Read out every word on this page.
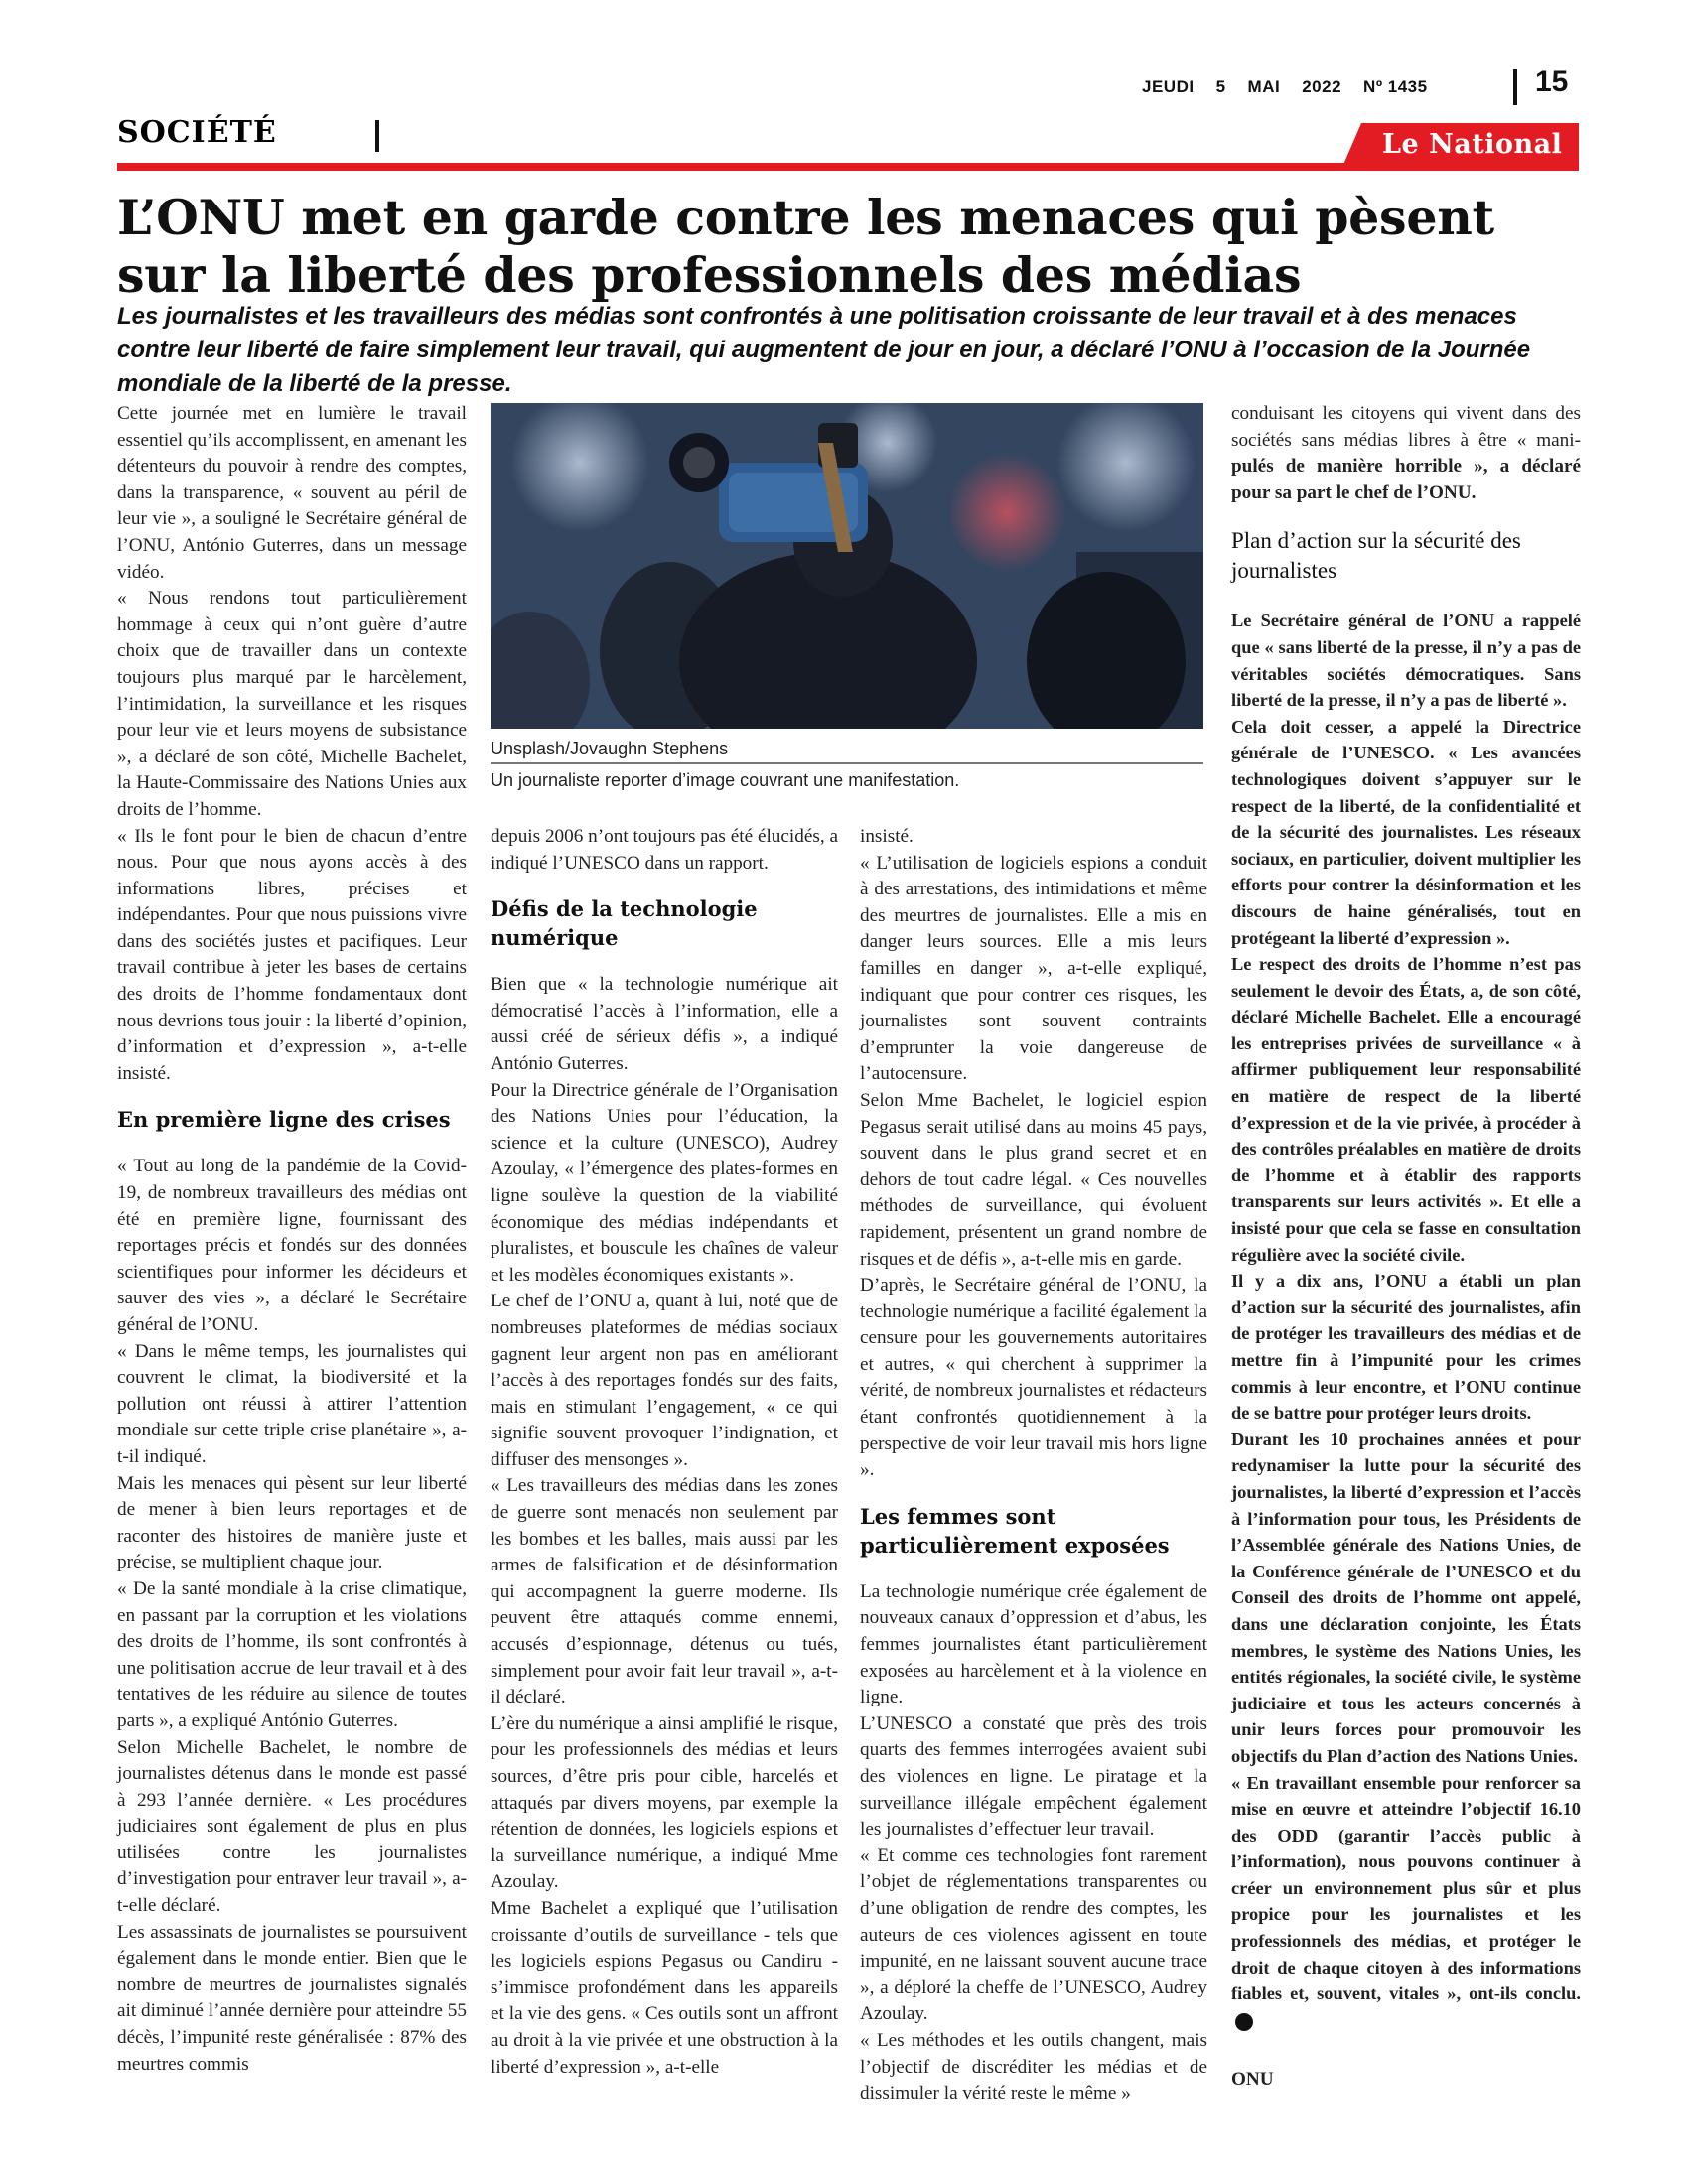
JEUDI 5 MAI 2022 Nº 1435	15
SOCIÉTÉ	Le National
L’ONU met en garde contre les menaces qui pèsent sur la liberté des professionnels des médias
Les journalistes et les travailleurs des médias sont confrontés à une politisation croissante de leur travail et à des menaces contre leur liberté de faire simplement leur travail, qui augmentent de jour en jour, a déclaré l’ONU à l’occasion de la Journée mondiale de la liberté de la presse.
Unsplash/Jovaughn Stephens
Un journaliste reporter d’image couvrant une manifestation.

Cette journée met en lumière le travail essentiel qu’ils accomplissent, en amenant les détenteurs du pouvoir à rendre des comptes, dans la transparence, « souvent au péril de leur vie », a souligné le Secrétaire général de l’ONU, António Guterres, dans un message vidéo.

« Nous rendons tout particulièrement hommage à ceux qui n’ont guère d’autre choix que de travailler dans un contexte toujours plus marqué par le harcèlement, l’intimidation, la surveillance et les risques pour leur vie et leurs moyens de subsistance », a déclaré de son côté, Michelle Bachelet, la Haute-Commissaire des Nations Unies aux droits de l’homme.

« Ils le font pour le bien de chacun d’entre nous. Pour que nous ayons accès à des informations libres, précises et indépendantes. Pour que nous puissions vivre dans des sociétés justes et pacifiques. Leur travail contribue à jeter les bases de certains des droits de l’homme fondamentaux dont nous devrions tous jouir : la liberté d’opinion, d’information et d’expression », a-t-elle insisté.

En première ligne des crises

« Tout au long de la pandémie de la Covid-19, de nombreux travailleurs des médias ont été en première ligne, fournissant des reportages précis et fondés sur des données scientifiques pour informer les décideurs et sauver des vies », a déclaré le Secrétaire général de l’ONU.

« Dans le même temps, les journalistes qui couvrent le climat, la biodiversité et la pollution ont réussi à attirer l’attention mondiale sur cette triple crise planétaire », a-t-il indiqué.

Mais les menaces qui pèsent sur leur liberté de mener à bien leurs reportages et de raconter des histoires de manière juste et précise, se multiplient chaque jour.

« De la santé mondiale à la crise climatique, en passant par la corruption et les violations des droits de l’homme, ils sont confrontés à une politisation accrue de leur travail et à des tentatives de les réduire au silence de toutes parts », a expliqué António Guterres.

Selon Michelle Bachelet, le nombre de journalistes détenus dans le monde est passé à 293 l’année dernière. « Les procédures judiciaires sont également de plus en plus utilisées contre les journalistes d’investigation pour entraver leur travail », a-t-elle déclaré.

Les assassinats de journalistes se poursuivent également dans le monde entier. Bien que le nombre de meurtres de journalistes signalés ait diminué l’année dernière pour atteindre 55 décès, l’impunité reste généralisée : 87% des meurtres commis

depuis 2006 n’ont toujours pas été élucidés, a indiqué l’UNESCO dans un rapport.

Défis de la technologie numérique

Bien que « la technologie numérique ait démocratisé l’accès à l’information, elle a aussi créé de sérieux défis », a indiqué António Guterres.

Pour la Directrice générale de l’Organisation des Nations Unies pour l’éducation, la science et la culture (UNESCO), Audrey Azoulay, « l’émergence des plates-formes en ligne soulève la question de la viabilité économique des médias indépendants et pluralistes, et bouscule les chaînes de valeur et les modèles économiques existants ».

Le chef de l’ONU a, quant à lui, noté que de nombreuses plateformes de médias sociaux gagnent leur argent non pas en améliorant l’accès à des reportages fondés sur des faits, mais en stimulant l’engagement, « ce qui signifie souvent provoquer l’indignation, et diffuser des mensonges ».

« Les travailleurs des médias dans les zones de guerre sont menacés non seulement par les bombes et les balles, mais aussi par les armes de falsification et de désinformation qui accompagnent la guerre moderne. Ils peuvent être attaqués comme ennemi, accusés d’espionnage, détenus ou tués, simplement pour avoir fait leur travail », a-t-il déclaré.

L’ère du numérique a ainsi amplifié le risque, pour les professionnels des médias et leurs sources, d’être pris pour cible, harcelés et attaqués par divers moyens, par exemple la rétention de données, les logiciels espions et la surveillance numérique, a indiqué Mme Azoulay.

Mme Bachelet a expliqué que l’utilisation croissante d’outils de surveillance - tels que les logiciels espions Pegasus ou Candiru - s’immisce profondément dans les appareils et la vie des gens. « Ces outils sont un affront au droit à la vie privée et une obstruction à la liberté d’expression », a-t-elle

insisté.

« L’utilisation de logiciels espions a conduit à des arrestations, des intimidations et même des meurtres de journalistes. Elle a mis en danger leurs sources. Elle a mis leurs familles en danger », a-t-elle expliqué, indiquant que pour contrer ces risques, les journalistes sont souvent contraints d’emprunter la voie dangereuse de l’autocensure.

Selon Mme Bachelet, le logiciel espion Pegasus serait utilisé dans au moins 45 pays, souvent dans le plus grand secret et en dehors de tout cadre légal. « Ces nouvelles méthodes de surveillance, qui évoluent rapidement, présentent un grand nombre de risques et de défis », a-t-elle mis en garde.

D’après, le Secrétaire général de l’ONU, la technologie numérique a facilité également la censure pour les gouvernements autoritaires et autres, « qui cherchent à supprimer la vérité, de nombreux journalistes et rédacteurs étant confrontés quotidiennement à la perspective de voir leur travail mis hors ligne ».

Les femmes sont particulièrement exposées

La technologie numérique crée également de nouveaux canaux d’oppression et d’abus, les femmes journalistes étant particulièrement exposées au harcèlement et à la violence en ligne.

L’UNESCO a constaté que près des trois quarts des femmes interrogées avaient subi des violences en ligne. Le piratage et la surveillance illégale empêchent également les journalistes d’effectuer leur travail.

« Et comme ces technologies font rarement l’objet de réglementations transparentes ou d’une obligation de rendre des comptes, les auteurs de ces violences agissent en toute impunité, en ne laissant souvent aucune trace », a déploré la cheffe de l’UNESCO, Audrey Azoulay.

« Les méthodes et les outils changent, mais l’objectif de discréditer les médias et de dissimuler la vérité reste le même »

conduisant les citoyens qui vivent dans des sociétés sans médias libres à être « mani- pulés de manière horrible », a déclaré pour sa part le chef de l’ONU.

Plan d’action sur la sécurité des journalistes

Le Secrétaire général de l’ONU a rappelé que « sans liberté de la presse, il n’y a pas de véritables sociétés démocratiques. Sans liberté de la presse, il n’y a pas de liberté ».

Cela doit cesser, a appelé la Directrice générale de l’UNESCO. « Les avancées technologiques doivent s’appuyer sur le respect de la liberté, de la confidentialité et de la sécurité des journalistes. Les réseaux sociaux, en particulier, doivent multiplier les efforts pour contrer la désinformation et les discours de haine généralisés, tout en protégeant la liberté d’expression ».

Le respect des droits de l’homme n’est pas seulement le devoir des États, a, de son côté, déclaré Michelle Bachelet. Elle a encouragé les entreprises privées de surveillance « à affirmer publiquement leur responsabilité en matière de respect de la liberté d’expression et de la vie privée, à procéder à des contrôles préalables en matière de droits de l’homme et à établir des rapports transparents sur leurs activités ». Et elle a insisté pour que cela se fasse en consultation régulière avec la société civile.

Il y a dix ans, l’ONU a établi un plan d’action sur la sécurité des journalistes, afin de protéger les travailleurs des médias et de mettre fin à l’impunité pour les crimes commis à leur encontre, et l’ONU continue de se battre pour protéger leurs droits.

Durant les 10 prochaines années et pour redynamiser la lutte pour la sécurité des journalistes, la liberté d’expression et l’accès à l’information pour tous, les Présidents de l’Assemblée générale des Nations Unies, de la Conférence générale de l’UNESCO et du Conseil des droits de l’homme ont appelé, dans une déclaration conjointe, les États membres, le système des Nations Unies, les entités régionales, la société civile, le système judiciaire et tous les acteurs concernés à unir leurs forces pour promouvoir les objectifs du Plan d’action des Nations Unies.

« En travaillant ensemble pour renforcer sa mise en œuvre et atteindre l’objectif 16.10 des ODD (garantir l’accès public à l’information), nous pouvons continuer à créer un environnement plus sûr et plus propice pour les journalistes et les professionnels des médias, et protéger le droit de chaque citoyen à des informations fiables et, souvent, vitales », ont-ils conclu.

ONU
